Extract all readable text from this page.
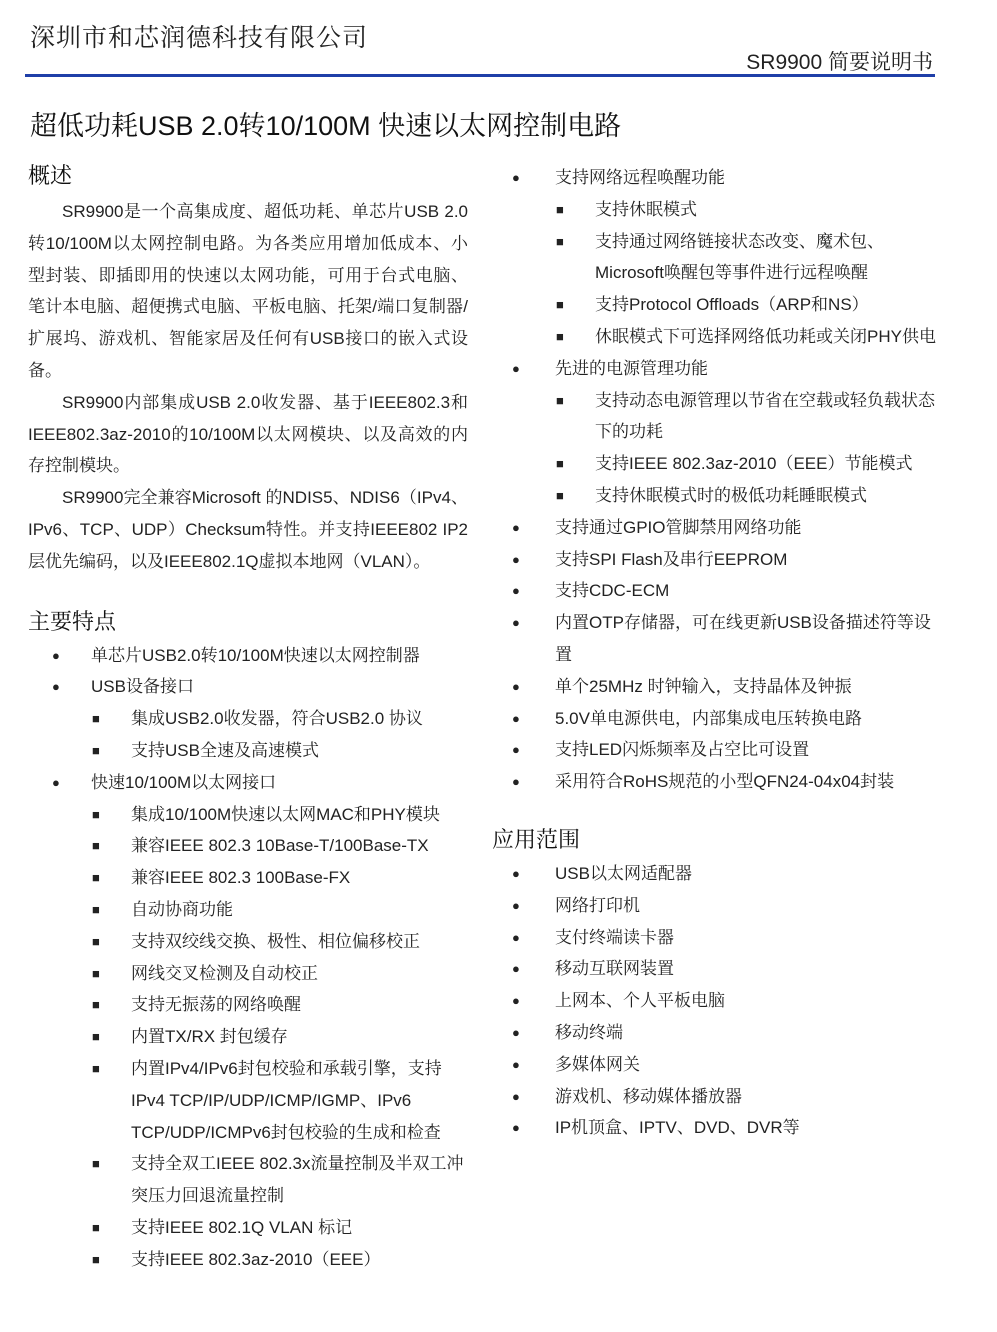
深圳市和芯润德科技有限公司
SR9900 简要说明书
超低功耗USB 2.0转10/100M 快速以太网控制电路
概述

SR9900是一个高集成度、超低功耗、单芯片USB 2.0转10/100M以太网控制电路。为各类应用增加低成本、小型封装、即插即用的快速以太网功能，可用于台式电脑、笔计本电脑、超便携式电脑、平板电脑、托架/端口复制器/扩展坞、游戏机、智能家居及任何有USB接口的嵌入式设备。

SR9900内部集成USB 2.0收发器、基于IEEE802.3和IEEE802.3az-2010的10/100M以太网模块、以及高效的内存控制模块。

SR9900完全兼容Microsoft 的NDIS5、NDIS6（IPv4、IPv6、TCP、UDP）Checksum特性。并支持IEEE802 IP2层优先编码，以及IEEE802.1Q虚拟本地网（VLAN）。

主要特点
● 单芯片USB2.0转10/100M快速以太网控制器
● USB设备接口
■ 集成USB2.0收发器，符合USB2.0 协议
■ 支持USB全速及高速模式
● 快速10/100M以太网接口
■ 集成10/100M快速以太网MAC和PHY模块
■ 兼容IEEE 802.3 10Base-T/100Base-TX
■ 兼容IEEE 802.3 100Base-FX
■ 自动协商功能
■ 支持双绞线交换、极性、相位偏移校正
■ 网线交叉检测及自动校正
■ 支持无振荡的网络唤醒
■ 内置TX/RX 封包缓存
■ 内置IPv4/IPv6封包校验和承载引擎，支持IPv4 TCP/IP/UDP/ICMP/IGMP、IPv6 TCP/UDP/ICMPv6封包校验的生成和检查
■ 支持全双工IEEE 802.3x流量控制及半双工冲突压力回退流量控制
■ 支持IEEE 802.1Q VLAN 标记
■ 支持IEEE 802.3az-2010（EEE）
● 支持网络远程唤醒功能
■ 支持休眠模式
■ 支持通过网络链接状态改变、魔术包、Microsoft唤醒包等事件进行远程唤醒
■ 支持Protocol Offloads（ARP和NS）
■ 休眠模式下可选择网络低功耗或关闭PHY供电
● 先进的电源管理功能
■ 支持动态电源管理以节省在空载或轻负载状态下的功耗
■ 支持IEEE 802.3az-2010（EEE）节能模式
■ 支持休眠模式时的极低功耗睡眠模式
● 支持通过GPIO管脚禁用网络功能
● 支持SPI Flash及串行EEPROM
● 支持CDC-ECM
● 内置OTP存储器，可在线更新USB设备描述符等设置
● 单个25MHz 时钟输入，支持晶体及钟振
● 5.0V单电源供电，内部集成电压转换电路
● 支持LED闪烁频率及占空比可设置
● 采用符合RoHS规范的小型QFN24-04x04封装
应用范围
● USB以太网适配器
● 网络打印机
● 支付终端读卡器
● 移动互联网装置
● 上网本、个人平板电脑
● 移动终端
● 多媒体网关
● 游戏机、移动媒体播放器
● IP机顶盒、IPTV、DVD、DVR等
